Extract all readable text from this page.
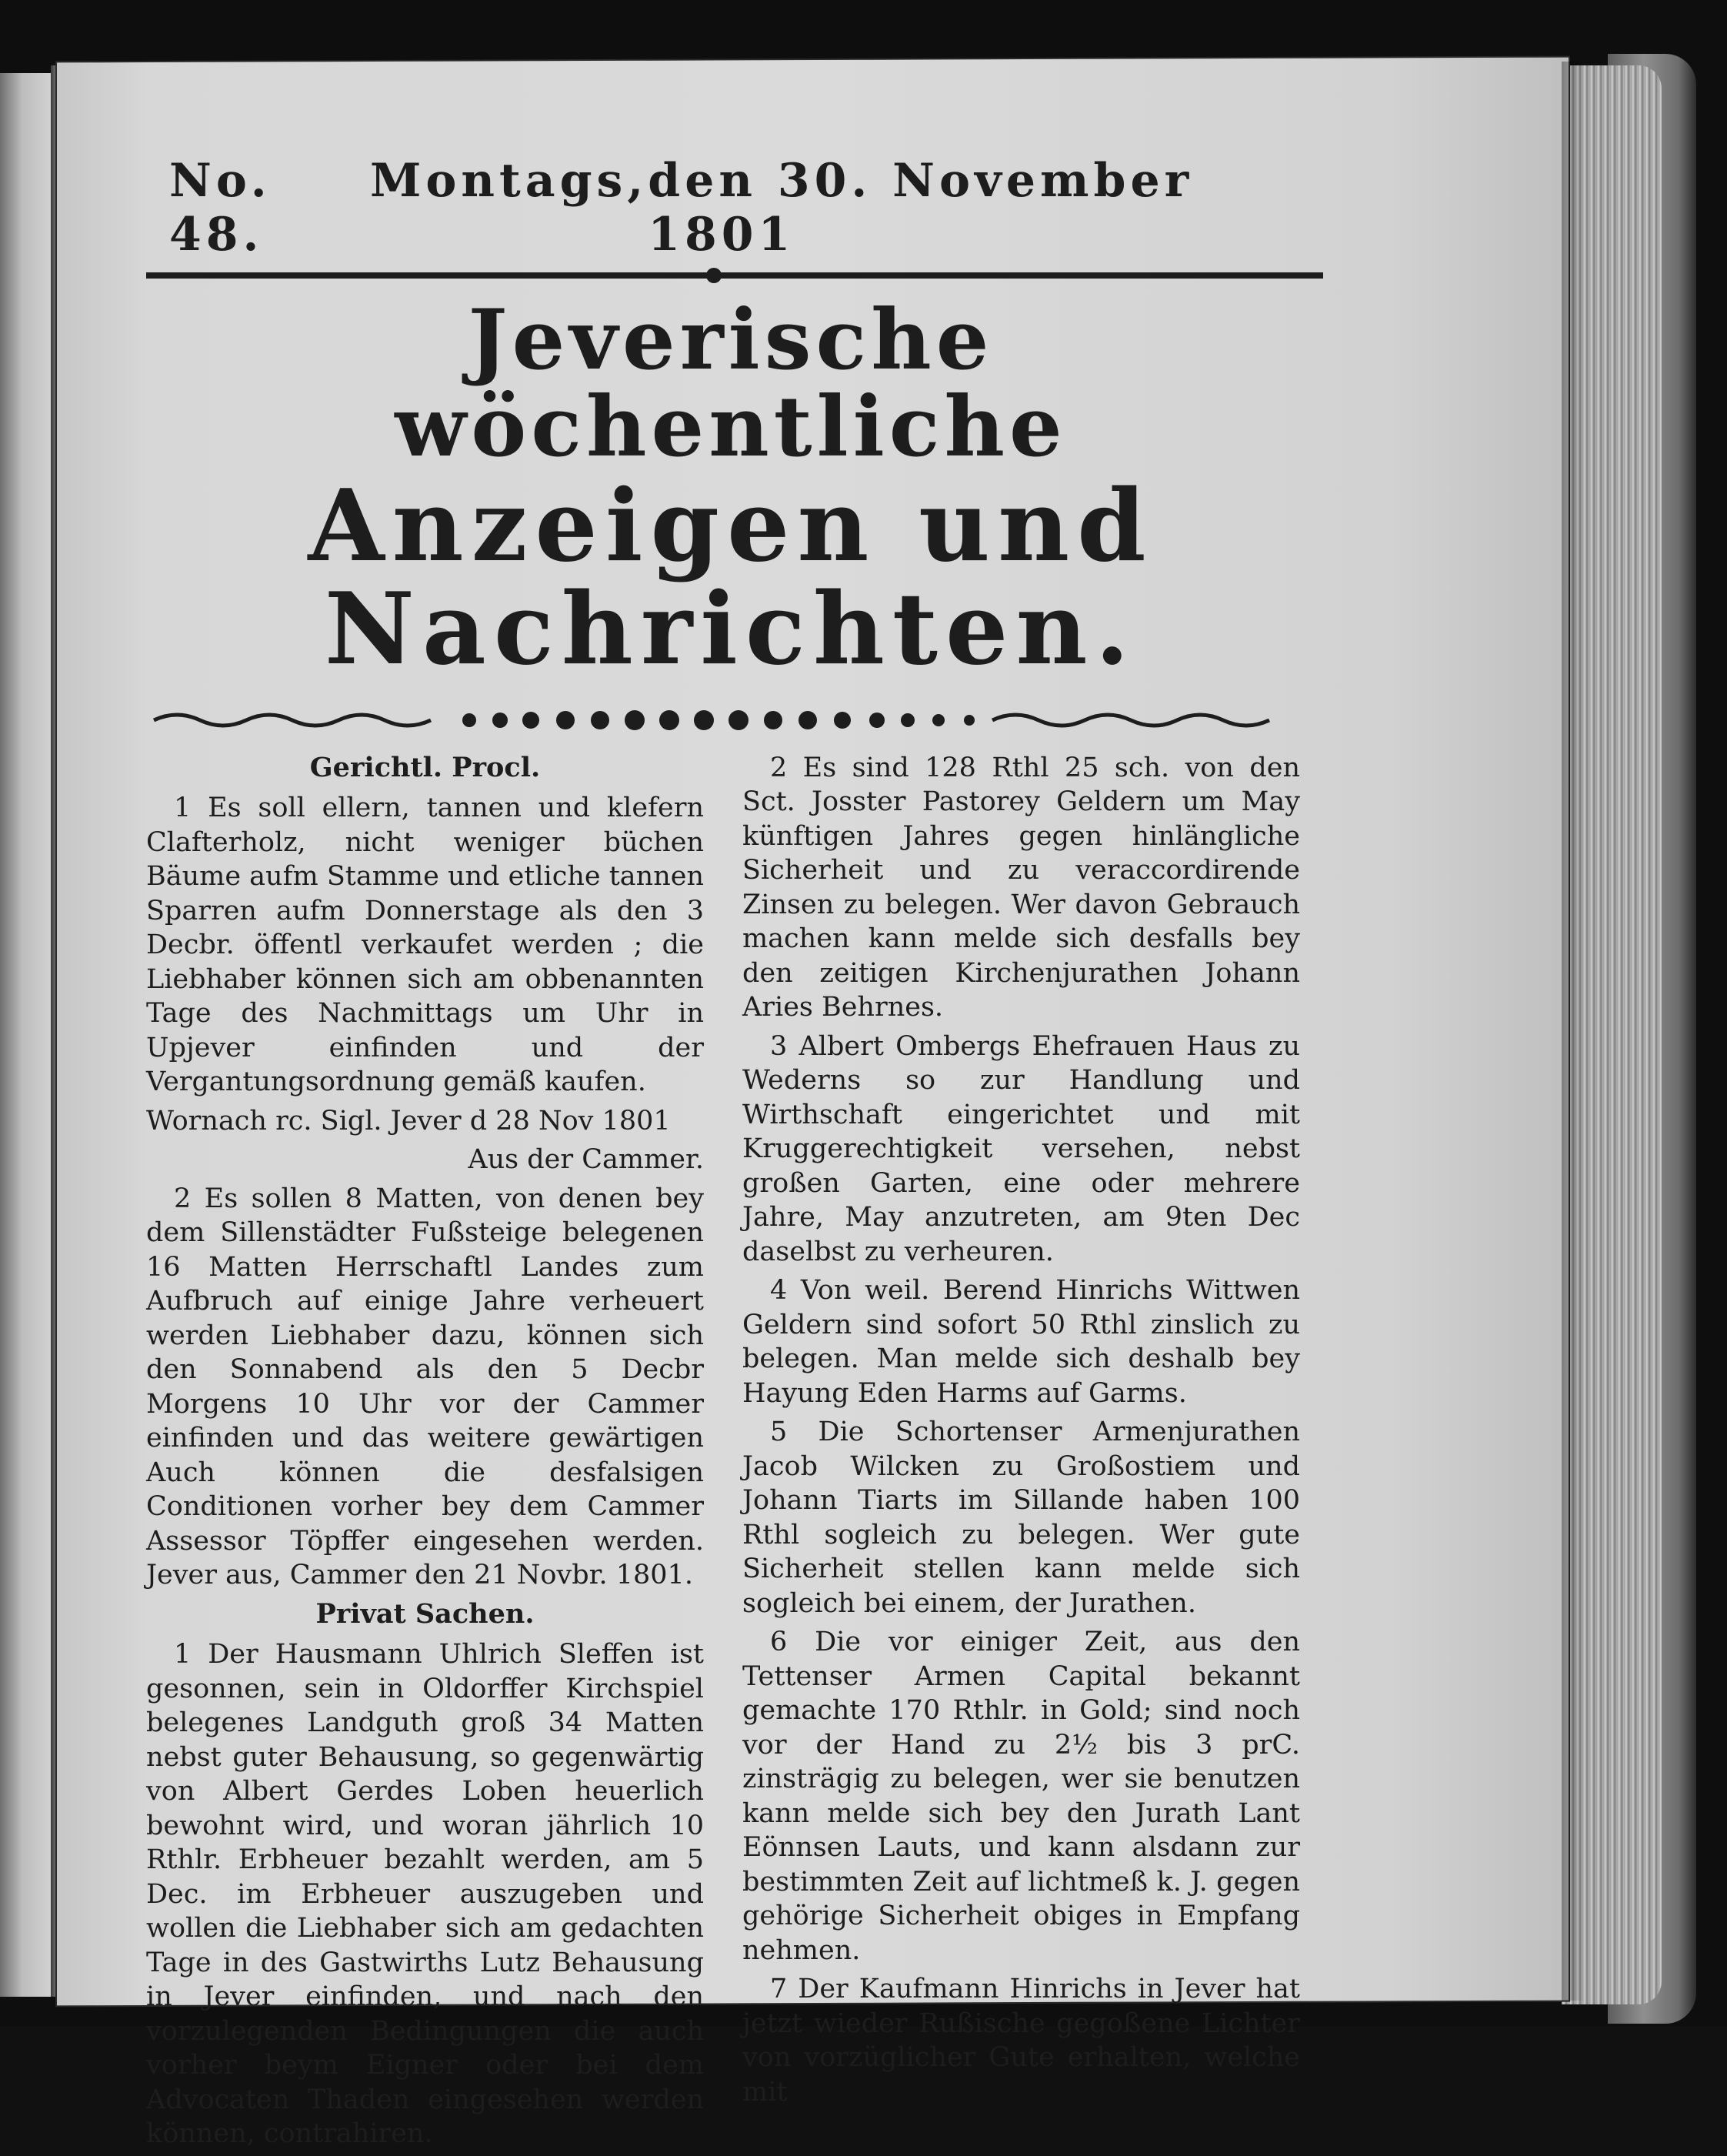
No. 48.
Montags, den 30. November 1801
Jeverische wöchentliche
Anzeigen und Nachrichten.

Gerichtl. Procl.

1 Es soll ellern, tannen und klefern Clafterholz, nicht weniger büchen Bäume aufm Stamme und etliche tannen Sparren aufm Donnerstage als den 3 Decbr. öffentl verkaufet werden ; die Liebhaber können sich am obbenannten Tage des Nachmittags um Uhr in Upjever einfinden und der Vergantungsordnung gemäß kaufen.

Wornach rc. Sigl. Jever d 28 Nov 1801

Aus der Cammer.

2 Es sollen 8 Matten, von denen bey dem Sillenstädter Fußsteige belegenen 16 Matten Herrschaftl Landes zum Aufbruch auf einige Jahre verheuert werden Liebhaber dazu, können sich den Sonnabend als den 5 Decbr Morgens 10 Uhr vor der Cammer einfinden und das weitere gewärtigen Auch können die desfalsigen Conditionen vorher bey dem Cammer Assessor Töpffer eingesehen werden. Jever aus, Cammer den 21 Novbr. 1801.

Privat Sachen.

1 Der Hausmann Uhlrich Sleffen ist gesonnen, sein in Oldorffer Kirchspiel belegenes Landguth groß 34 Matten nebst guter Behausung, so gegenwärtig von Albert Gerdes Loben heuerlich bewohnt wird, und woran jährlich 10 Rthlr. Erbheuer bezahlt werden, am 5 Dec. im Erbheuer auszugeben und wollen die Liebhaber sich am gedachten Tage in des Gastwirths Lutz Behausung in Jever einfinden, und nach den vorzulegenden Bedingungen die auch vorher beym Eigner oder bei dem Advocaten Thaden eingesehen werden können, contrahiren.

2 Es sind 128 Rthl 25 sch. von den Sct. Josster Pastorey Geldern um May künftigen Jahres gegen hinlängliche Sicherheit und zu veraccordirende Zinsen zu belegen. Wer davon Gebrauch machen kann melde sich desfalls bey den zeitigen Kirchenjurathen Johann Aries Behrnes.

3 Albert Ombergs Ehefrauen Haus zu Wederns so zur Handlung und Wirthschaft eingerichtet und mit Kruggerechtigkeit versehen, nebst großen Garten, eine oder mehrere Jahre, May anzutreten, am 9ten Dec daselbst zu verheuren.

4 Von weil. Berend Hinrichs Wittwen Geldern sind sofort 50 Rthl zinslich zu belegen. Man melde sich deshalb bey Hayung Eden Harms auf Garms.

5 Die Schortenser Armenjurathen Jacob Wilcken zu Großostiem und Johann Tiarts im Sillande haben 100 Rthl sogleich zu belegen. Wer gute Sicherheit stellen kann melde sich sogleich bei einem, der Jurathen.

6 Die vor einiger Zeit, aus den Tettenser Armen Capital bekannt gemachte 170 Rthlr. in Gold; sind noch vor der Hand zu 2½ bis 3 prC. zinsträgig zu belegen, wer sie benutzen kann melde sich bey den Jurath Lant Eönnsen Lauts, und kann alsdann zur bestimmten Zeit auf lichtmeß k. J. gegen gehörige Sicherheit obiges in Empfang nehmen.

7 Der Kaufmann Hinrichs in Jever hat jetzt wieder Rußische gegoßene Lichter von vorzüglicher Gute erhalten, welche mit
